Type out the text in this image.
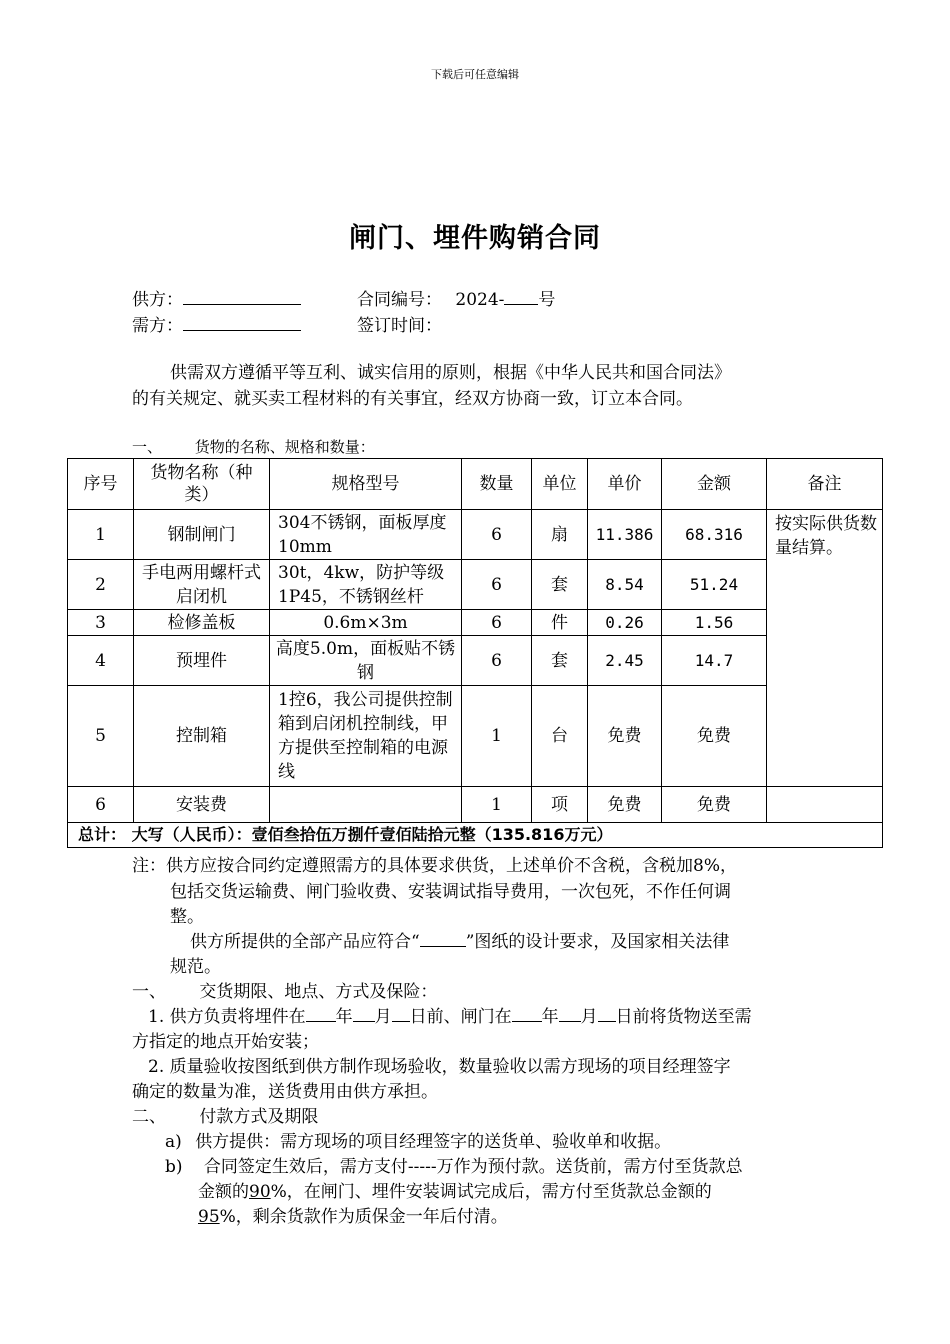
下载后可任意编辑
闸门、埋件购销合同
供方：	合同编号： 2024- 号
需方：	签订时间：
供需双方遵循平等互利、诚实信用的原则，根据《中华人民共和国合同法》
的有关规定、就买卖工程材料的有关事宜，经双方协商一致，订立本合同。
一、 货物的名称、规格和数量：
序号	货物名称（种类）	规格型号	数量	单位	单价	金额	备注
1	钢制闸门	304不锈钢，面板厚度10mm	6	扇	11.386	68.316	按实际供货数量结算。
2	手电两用螺杆式启闭机	30t，4kw，防护等级1P45，不锈钢丝杆	6	套	8.54	51.24	
3	检修盖板	0.6m×3m	6	件	0.26	1.56	
4	预埋件	高度5.0m，面板贴不锈钢	6	套	2.45	14.7	
5	控制箱	1控6，我公司提供控制箱到启闭机控制线，甲方提供至控制箱的电源线	1	台	免费	免费	
6	安装费		1	项	免费	免费	
总计： 大写（人民币）：壹佰叁拾伍万捌仟壹佰陆拾元整（135.816万元）							
注：供方应按合同约定遵照需方的具体要求供货，上述单价不含税，含税加8%，
包括交货运输费、闸门验收费、安装调试指导费用，一次包死，不作任何调
整。
供方所提供的全部产品应符合“	”图纸的设计要求，及国家相关法律
规范。
一、 交货期限、地点、方式及保险：
1. 供方负责将埋件在 年 月 日前、闸门在 年 月 日前将货物送至需
方指定的地点开始安装；
2. 质量验收按图纸到供方制作现场验收，数量验收以需方现场的项目经理签字
确定的数量为准，送货费用由供方承担。
二、 付款方式及期限
a) 供方提供：需方现场的项目经理签字的送货单、验收单和收据。
b) 合同签定生效后，需方支付-----万作为预付款。送货前，需方付至货款总
金额的90%，在闸门、埋件安装调试完成后，需方付至货款总金额的
95%，剩余货款作为质保金一年后付清。
